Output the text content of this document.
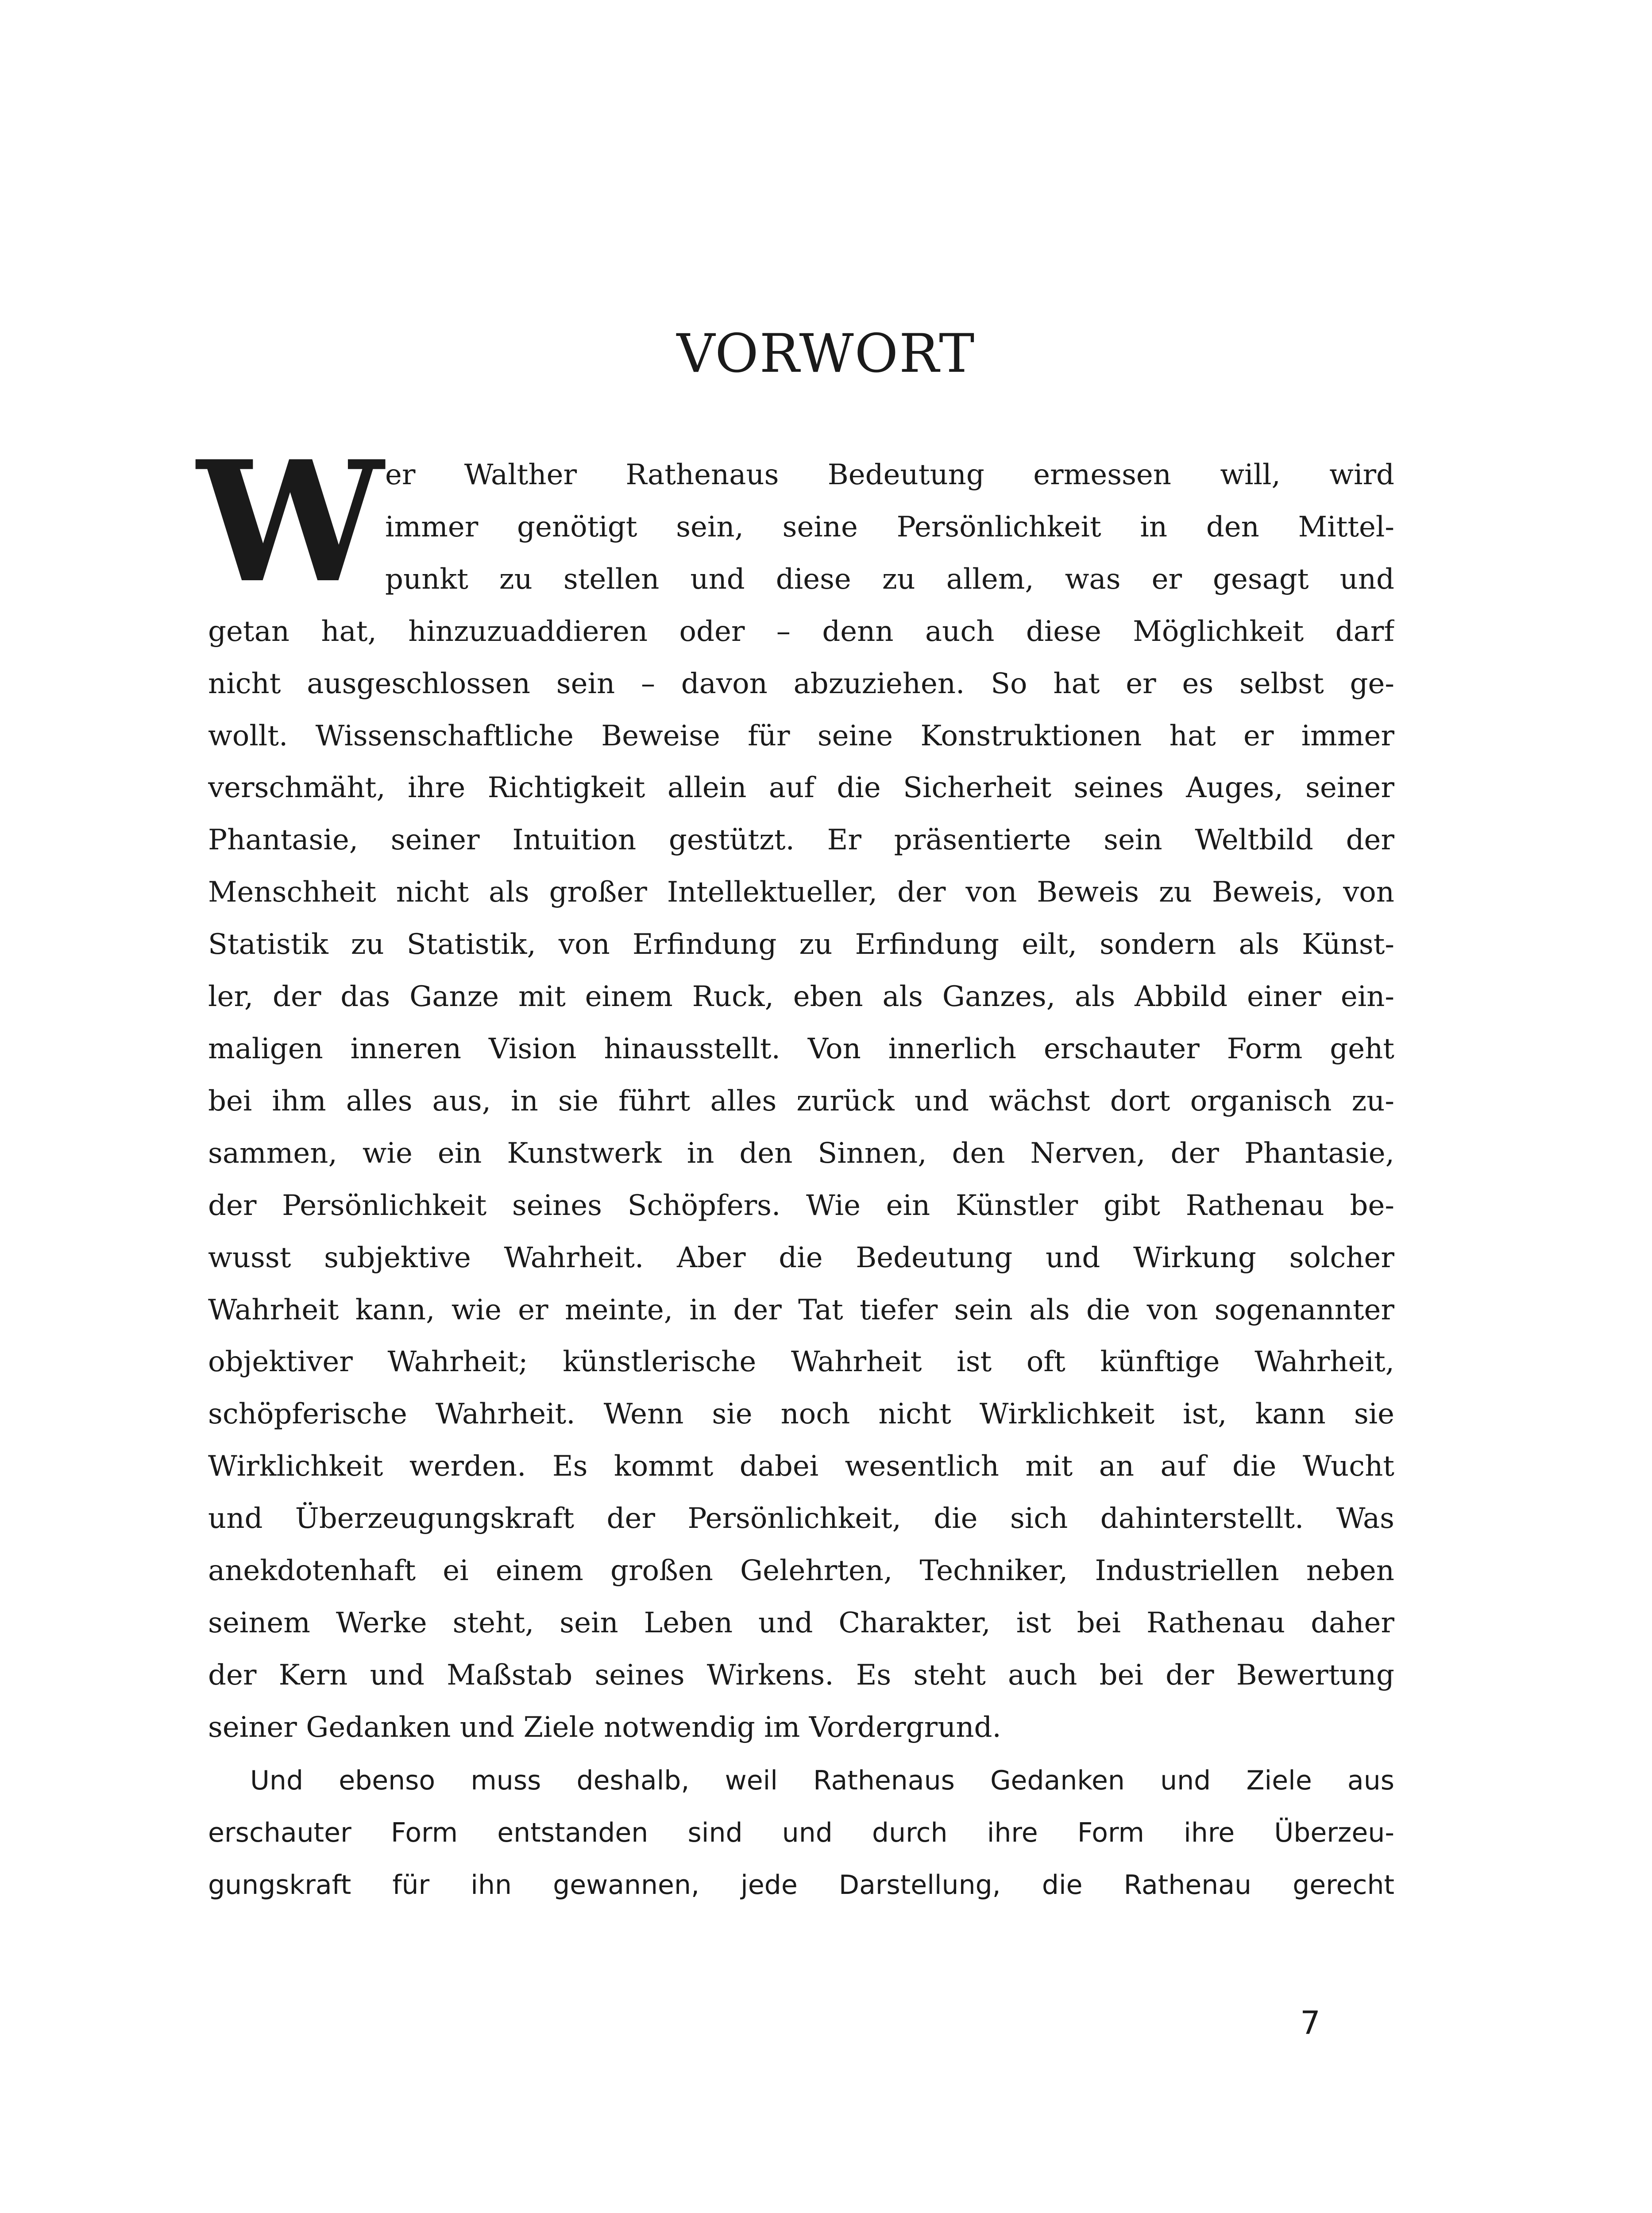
VORWORT
W er Walther Rathenaus Bedeutung ermessen will, wird
immer genötigt sein, seine Persönlichkeit in den Mittel-
punkt zu stellen und diese zu allem, was er gesagt und
getan hat, hinzuzuaddieren oder – denn auch diese Möglichkeit darf
nicht ausgeschlossen sein – davon abzuziehen. So hat er es selbst ge-
wollt. Wissenschaftliche Beweise für seine Konstruktionen hat er immer
verschmäht, ihre Richtigkeit allein auf die Sicherheit seines Auges, seiner
Phantasie, seiner Intuition gestützt. Er präsentierte sein Weltbild der
Menschheit nicht als großer Intellektueller, der von Beweis zu Beweis, von
Statistik zu Statistik, von Erfindung zu Erfindung eilt, sondern als Künst-
ler, der das Ganze mit einem Ruck, eben als Ganzes, als Abbild einer ein-
maligen inneren Vision hinausstellt. Von innerlich erschauter Form geht
bei ihm alles aus, in sie führt alles zurück und wächst dort organisch zu-
sammen, wie ein Kunstwerk in den Sinnen, den Nerven, der Phantasie,
der Persönlichkeit seines Schöpfers. Wie ein Künstler gibt Rathenau be-
wusst subjektive Wahrheit. Aber die Bedeutung und Wirkung solcher
Wahrheit kann, wie er meinte, in der Tat tiefer sein als die von sogenannter
objektiver Wahrheit; künstlerische Wahrheit ist oft künftige Wahrheit,
schöpferische Wahrheit. Wenn sie noch nicht Wirklichkeit ist, kann sie
Wirklichkeit werden. Es kommt dabei wesentlich mit an auf die Wucht
und Überzeugungskraft der Persönlichkeit, die sich dahinterstellt. Was
anekdotenhaft ei einem großen Gelehrten, Techniker, Industriellen neben
seinem Werke steht, sein Leben und Charakter, ist bei Rathenau daher
der Kern und Maßstab seines Wirkens. Es steht auch bei der Bewertung
seiner Gedanken und Ziele notwendig im Vordergrund.
Und ebenso muss deshalb, weil Rathenaus Gedanken und Ziele aus
erschauter Form entstanden sind und durch ihre Form ihre Überzeu-
gungskraft für ihn gewannen, jede Darstellung, die Rathenau gerecht
7
